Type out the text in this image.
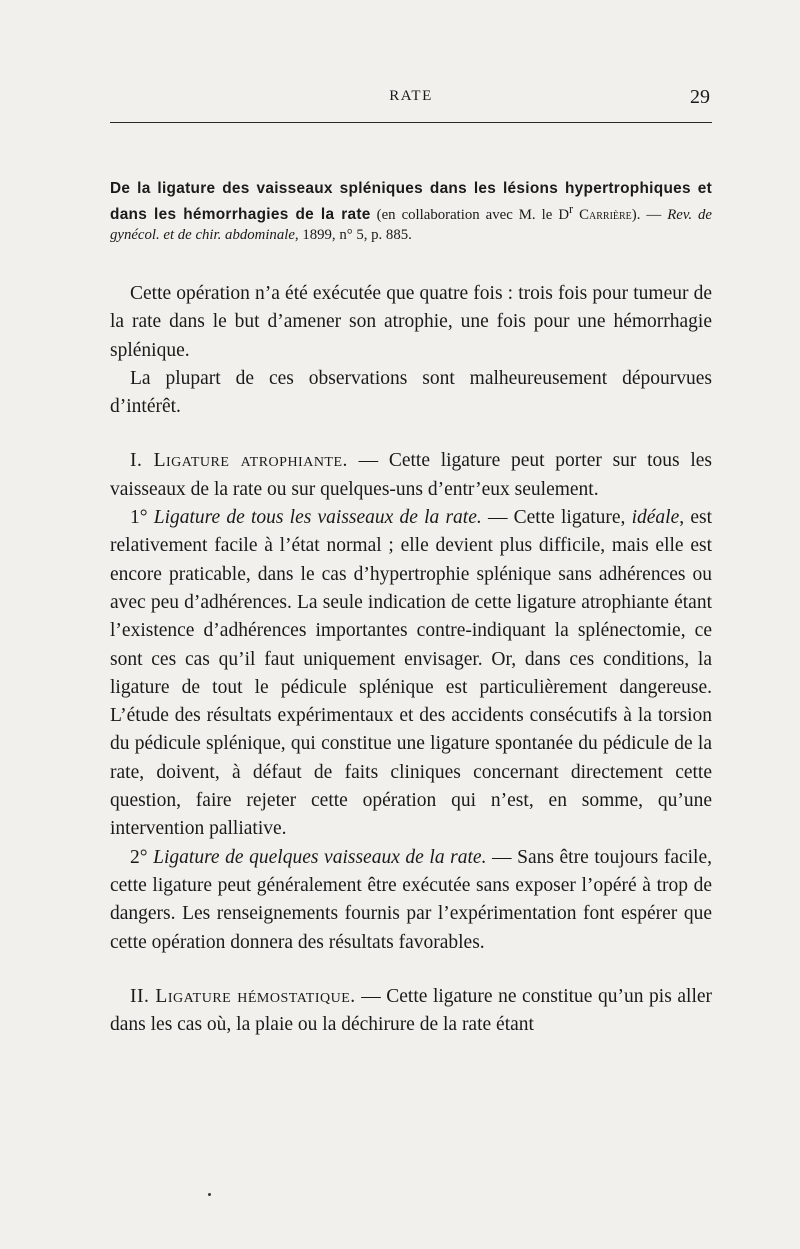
RATE	29
De la ligature des vaisseaux spléniques dans les lésions hypertrophiques et dans les hémorrhagies de la rate (en collaboration avec M. le $D^r$ Carrière). — Rev. de gynécol. et de chir. abdominale, 1899, n° 5, p. 885.

Cette opération n’a été exécutée que quatre fois : trois fois pour tumeur de la rate dans le but d’amener son atrophie, une fois pour une hémorrhagie splénique.

La plupart de ces observations sont malheureusement dépourvues d’intérêt.

I. Ligature atrophiante. — Cette ligature peut porter sur tous les vaisseaux de la rate ou sur quelques-uns d’entr’eux seulement.

1° Ligature de tous les vaisseaux de la rate. — Cette ligature, idéale, est relativement facile à l’état normal ; elle devient plus difficile, mais elle est encore praticable, dans le cas d’hypertrophie splénique sans adhérences ou avec peu d’adhérences. La seule indication de cette ligature atrophiante étant l’existence d’adhérences importantes contre-indiquant la splénectomie, ce sont ces cas qu’il faut uniquement envisager. Or, dans ces conditions, la ligature de tout le pédicule splénique est particulièrement dangereuse. L’étude des résultats expérimentaux et des accidents consécutifs à la torsion du pédicule splénique, qui constitue une ligature spontanée du pédicule de la rate, doivent, à défaut de faits cliniques concernant directement cette question, faire rejeter cette opération qui n’est, en somme, qu’une intervention palliative.

2° Ligature de quelques vaisseaux de la rate. — Sans être toujours facile, cette ligature peut généralement être exécutée sans exposer l’opéré à trop de dangers. Les renseignements fournis par l’expérimentation font espérer que cette opération donnera des résultats favorables.

II. Ligature hémostatique. — Cette ligature ne constitue qu’un pis aller dans les cas où, la plaie ou la déchirure de la rate étant
